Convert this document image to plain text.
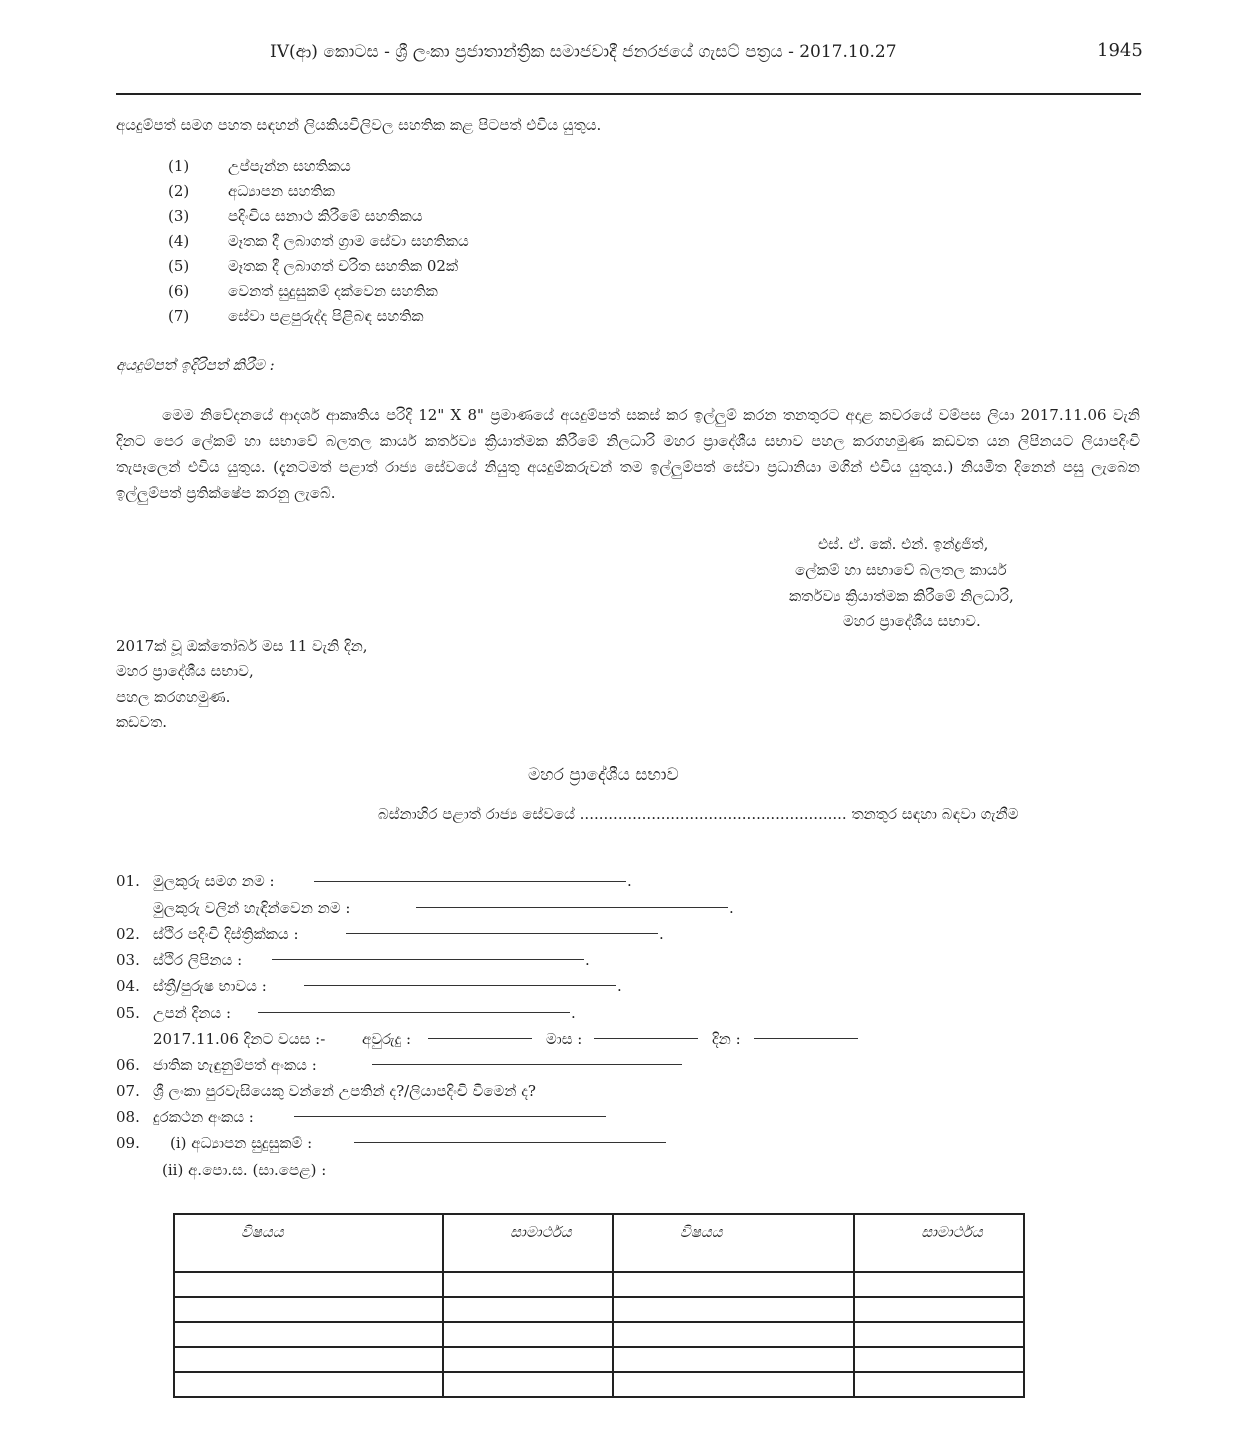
IV(ආ) කොටස - ශ්‍රී ලංකා ප්‍රජාතාන්ත්‍රික සමාජවාදී ජනරජයේ ගැසට් පත්‍රය - 2017.10.27	1945
අයදුම්පත් සමග පහත සඳහන් ලියකියවිලිවල සහතික කළ පිටපත් එවිය යුතුය.
(1)	උප්පැන්න සහතිකය
(2)	අධ්‍යාපන සහතික
(3)	පදිංචිය සනාථ කිරීමේ සහතිකය
(4)	මෑතක දී ලබාගත් ග්‍රාම සේවා සහතිකය
(5)	මෑතක දී ලබාගත් චරිත සහතික 02ක්
(6)	වෙනත් සුදුසුකම් දක්වෙන සහතික
(7)	සේවා පළපුරුද්ද පිළිබඳ සහතික
අයදුම්පත් ඉදිරිපත් කිරීම :
මෙම නිවේදනයේ ආදර්ශ ආකෘතිය පරිදි 12" X 8" ප්‍රමාණයේ අයදුම්පත් සකස් කර ඉල්ලුම් කරන තනතුරට අදාළ කවරයේ වම්පස ලියා 2017.11.06 වැනි දිනට පෙර ලේකම් හා සභාවේ බලතල කාර්ය කර්තව්‍ය ක්‍රියාත්මක කිරීමේ නිලධාරි මහර ප්‍රාදේශීය සභාව පහල කරගහමුණ කඩවත යන ලිපිනයට ලියාපදිංචි තැපෑලෙන් එවිය යුතුය. (දැනටමත් පළාත් රාජ්‍ය සේවයේ නියුතු අයදුම්කරුවන් තම ඉල්ලුම්පත් සේවා ප්‍රධානියා මගින් එවිය යුතුය.) නියමිත දිනෙන් පසු ලැබෙන ඉල්ලුම්පත් ප්‍රතික්ෂේප කරනු ලැබේ.
එස්. ඒ. කේ. එන්. ඉන්ද්‍රජිත්,
ලේකම් හා සභාවේ බලතල කාර්ය
කර්තව්‍ය ක්‍රියාත්මක කිරීමේ නිලධාරි,
මහර ප්‍රාදේශීය සභාව.
2017ක් වූ ඔක්තෝබර් මස 11 වැනි දින,
මහර ප්‍රාදේශීය සභාව,
පහල කරගහමුණ.
කඩවත.
මහර ප්‍රාදේශීය සභාව
බස්නාහිර පළාත් රාජ්‍ය සේවයේ ........................................................ තනතුර සඳහා බඳවා ගැනීම
01. මුලකුරු සමග නම :	.
මුලකුරු වලින් හැඳින්වෙන නම :	.
02. ස්ථිර පදිංචි දිස්ත්‍රික්කය :	.
03. ස්ථිර ලිපිනය :	.
04. ස්ත්‍රී/පුරුෂ භාවය :	.
05. උපන් දිනය :	.
2017.11.06 දිනට වයස :- අවුරුදු :	මාස :	දින :
06. ජාතික හැඳුනුම්පත් අංකය :
07. ශ්‍රී ලංකා පුරවැසියෙකු වන්නේ උපතින් ද?/ලියාපදිංචි වීමෙන් ද?
08. දුරකථන අංකය :
09. (i) අධ්‍යාපන සුදුසුකම් :
(ii) අ.පො.ස. (සා.පෙළ) :
විෂයය	සාමාර්ථය	විෂයය	සාමාර්ථය
